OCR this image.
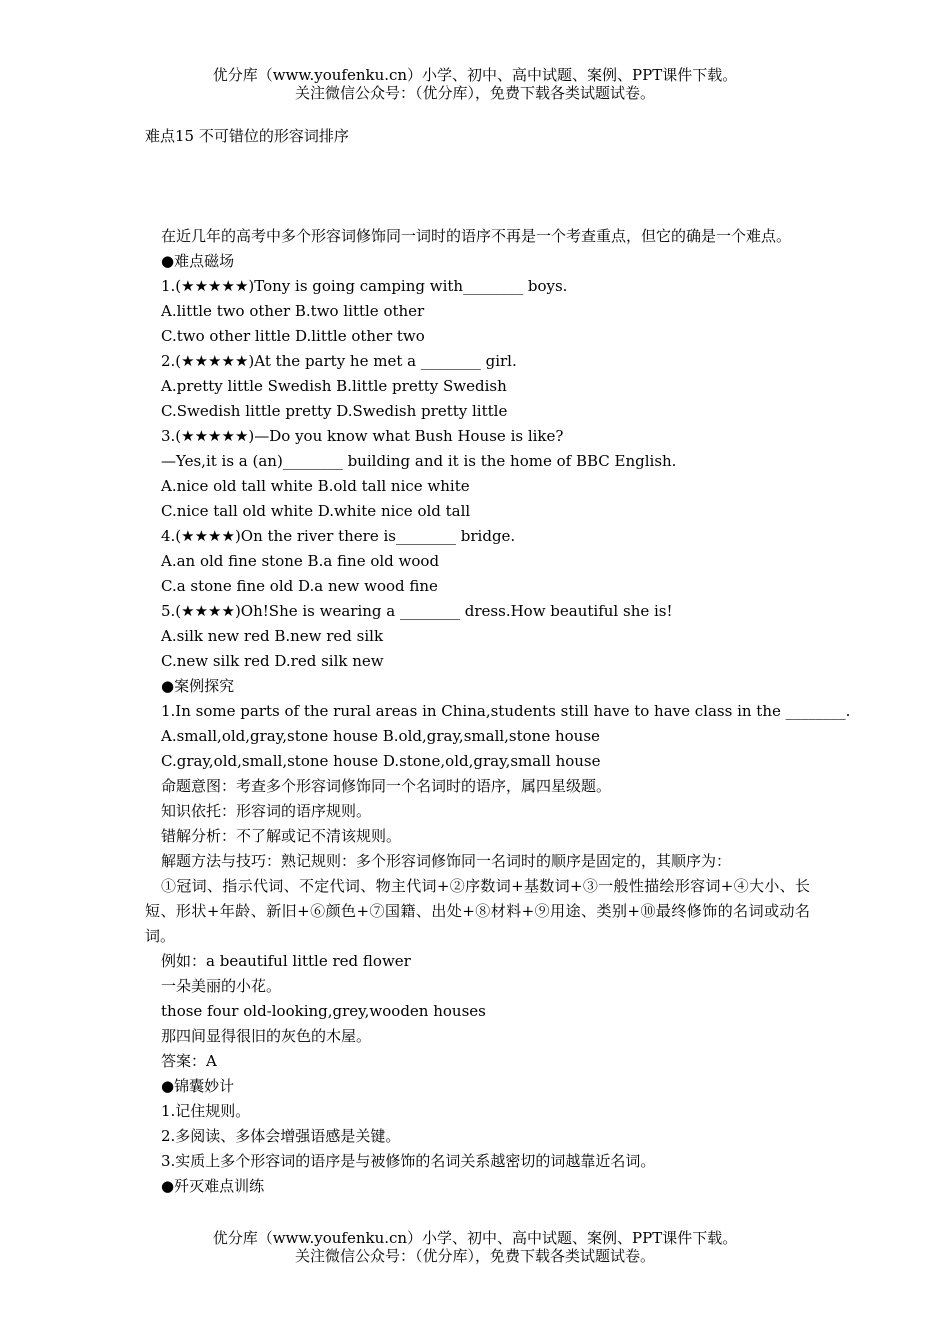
优分库（www.youfenku.cn）小学、初中、高中试题、案例、PPT课件下载。
关注微信公众号：（优分库），免费下载各类试题试卷。
难点15 不可错位的形容词排序
在近几年的高考中多个形容词修饰同一词时的语序不再是一个考查重点，但它的确是一个难点。
●难点磁场
1.(★★★★★)Tony is going camping with________ boys.
A.little two other B.two little other
C.two other little D.little other two
2.(★★★★★)At the party he met a ________ girl.
A.pretty little Swedish B.little pretty Swedish
C.Swedish little pretty D.Swedish pretty little
3.(★★★★★)—Do you know what Bush House is like?
—Yes,it is a (an)________ building and it is the home of BBC English.
A.nice old tall white B.old tall nice white
C.nice tall old white D.white nice old tall
4.(★★★★)On the river there is________ bridge.
A.an old fine stone B.a fine old wood
C.a stone fine old D.a new wood fine
5.(★★★★)Oh!She is wearing a ________ dress.How beautiful she is!
A.silk new red B.new red silk
C.new silk red D.red silk new
●案例探究
1.In some parts of the rural areas in China,students still have to have class in the ________.
A.small,old,gray,stone house B.old,gray,small,stone house
C.gray,old,small,stone house D.stone,old,gray,small house
命题意图：考查多个形容词修饰同一个名词时的语序，属四星级题。
知识依托：形容词的语序规则。
错解分析：不了解或记不清该规则。
解题方法与技巧：熟记规则：多个形容词修饰同一名词时的顺序是固定的，其顺序为：
①冠词、指示代词、不定代词、物主代词+②序数词+基数词+③一般性描绘形容词+④大小、长短、形状+年龄、新旧+⑥颜色+⑦国籍、出处+⑧材料+⑨用途、类别+⑩最终修饰的名词或动名词。
例如：a beautiful little red flower
一朵美丽的小花。
those four old-looking,grey,wooden houses
那四间显得很旧的灰色的木屋。
答案：A
●锦囊妙计
1.记住规则。
2.多阅读、多体会增强语感是关键。
3.实质上多个形容词的语序是与被修饰的名词关系越密切的词越靠近名词。
●歼灭难点训练
优分库（www.youfenku.cn）小学、初中、高中试题、案例、PPT课件下载。
关注微信公众号：（优分库），免费下载各类试题试卷。
